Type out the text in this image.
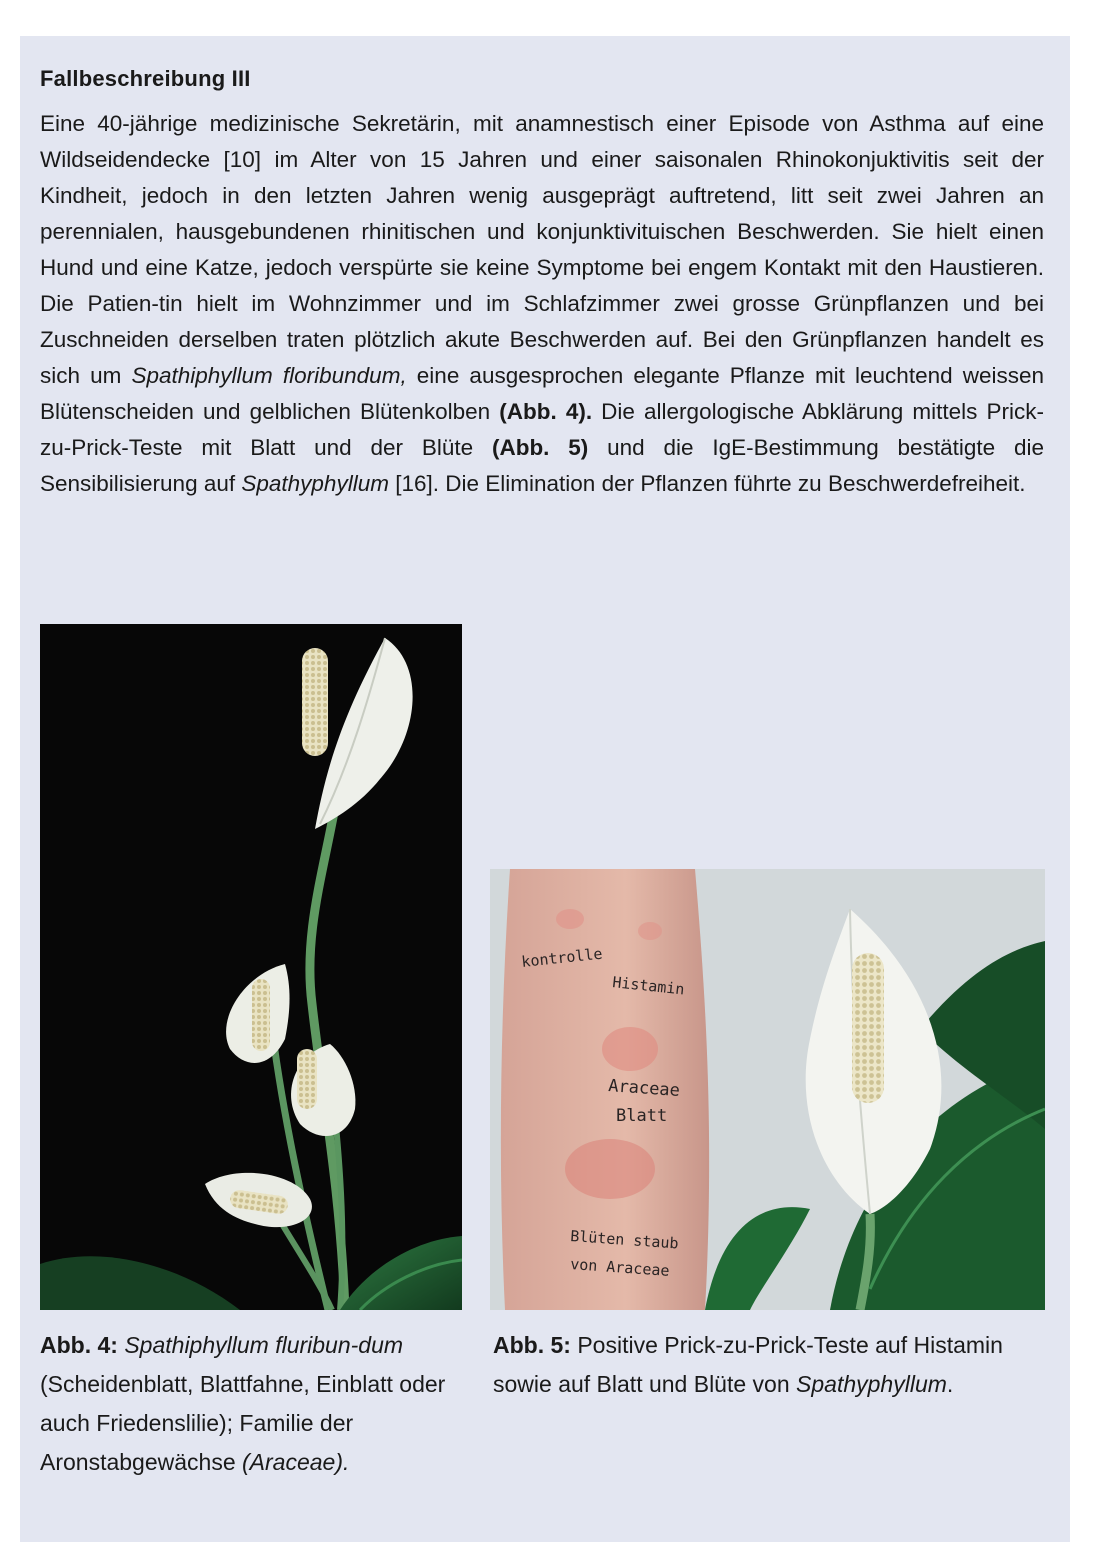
Fallbeschreibung III

Eine 40-jährige medizinische Sekretärin, mit anamnestisch einer Episode von Asthma auf eine Wildseidendecke [10] im Alter von 15 Jahren und einer saisonalen Rhinokonjuktivitis seit der Kindheit, jedoch in den letzten Jahren wenig ausgeprägt auftretend, litt seit zwei Jahren an perennialen, hausgebundenen rhinitischen und konjunktivituischen Beschwerden. Sie hielt einen Hund und eine Katze, jedoch verspürte sie keine Symptome bei engem Kontakt mit den Haustieren. Die Patien-tin hielt im Wohnzimmer und im Schlafzimmer zwei grosse Grünpflanzen und bei Zuschneiden derselben traten plötzlich akute Beschwerden auf. Bei den Grünpflanzen handelt es sich um Spathiphyllum floribundum, eine ausgesprochen elegante Pflanze mit leuchtend weissen Blütenscheiden und gelblichen Blütenkolben (Abb. 4). Die allergologische Abklärung mittels Prick-zu-Prick-Teste mit Blatt und der Blüte (Abb. 5) und die IgE-Bestimmung bestätigte die Sensibilisierung auf Spathyphyllum [16]. Die Elimination der Pflanzen führte zu Beschwerdefreiheit.

kontrolle
Histamin
Araceae
Blatt
Blüten staub
von Araceae

Abb. 4: Spathiphyllum fluribun-dum (Scheidenblatt, Blattfahne, Einblatt oder auch Friedenslilie); Familie der Aronstabgewächse (Araceae).

Abb. 5: Positive Prick-zu-Prick-Teste auf Histamin sowie auf Blatt und Blüte von Spathyphyllum.
